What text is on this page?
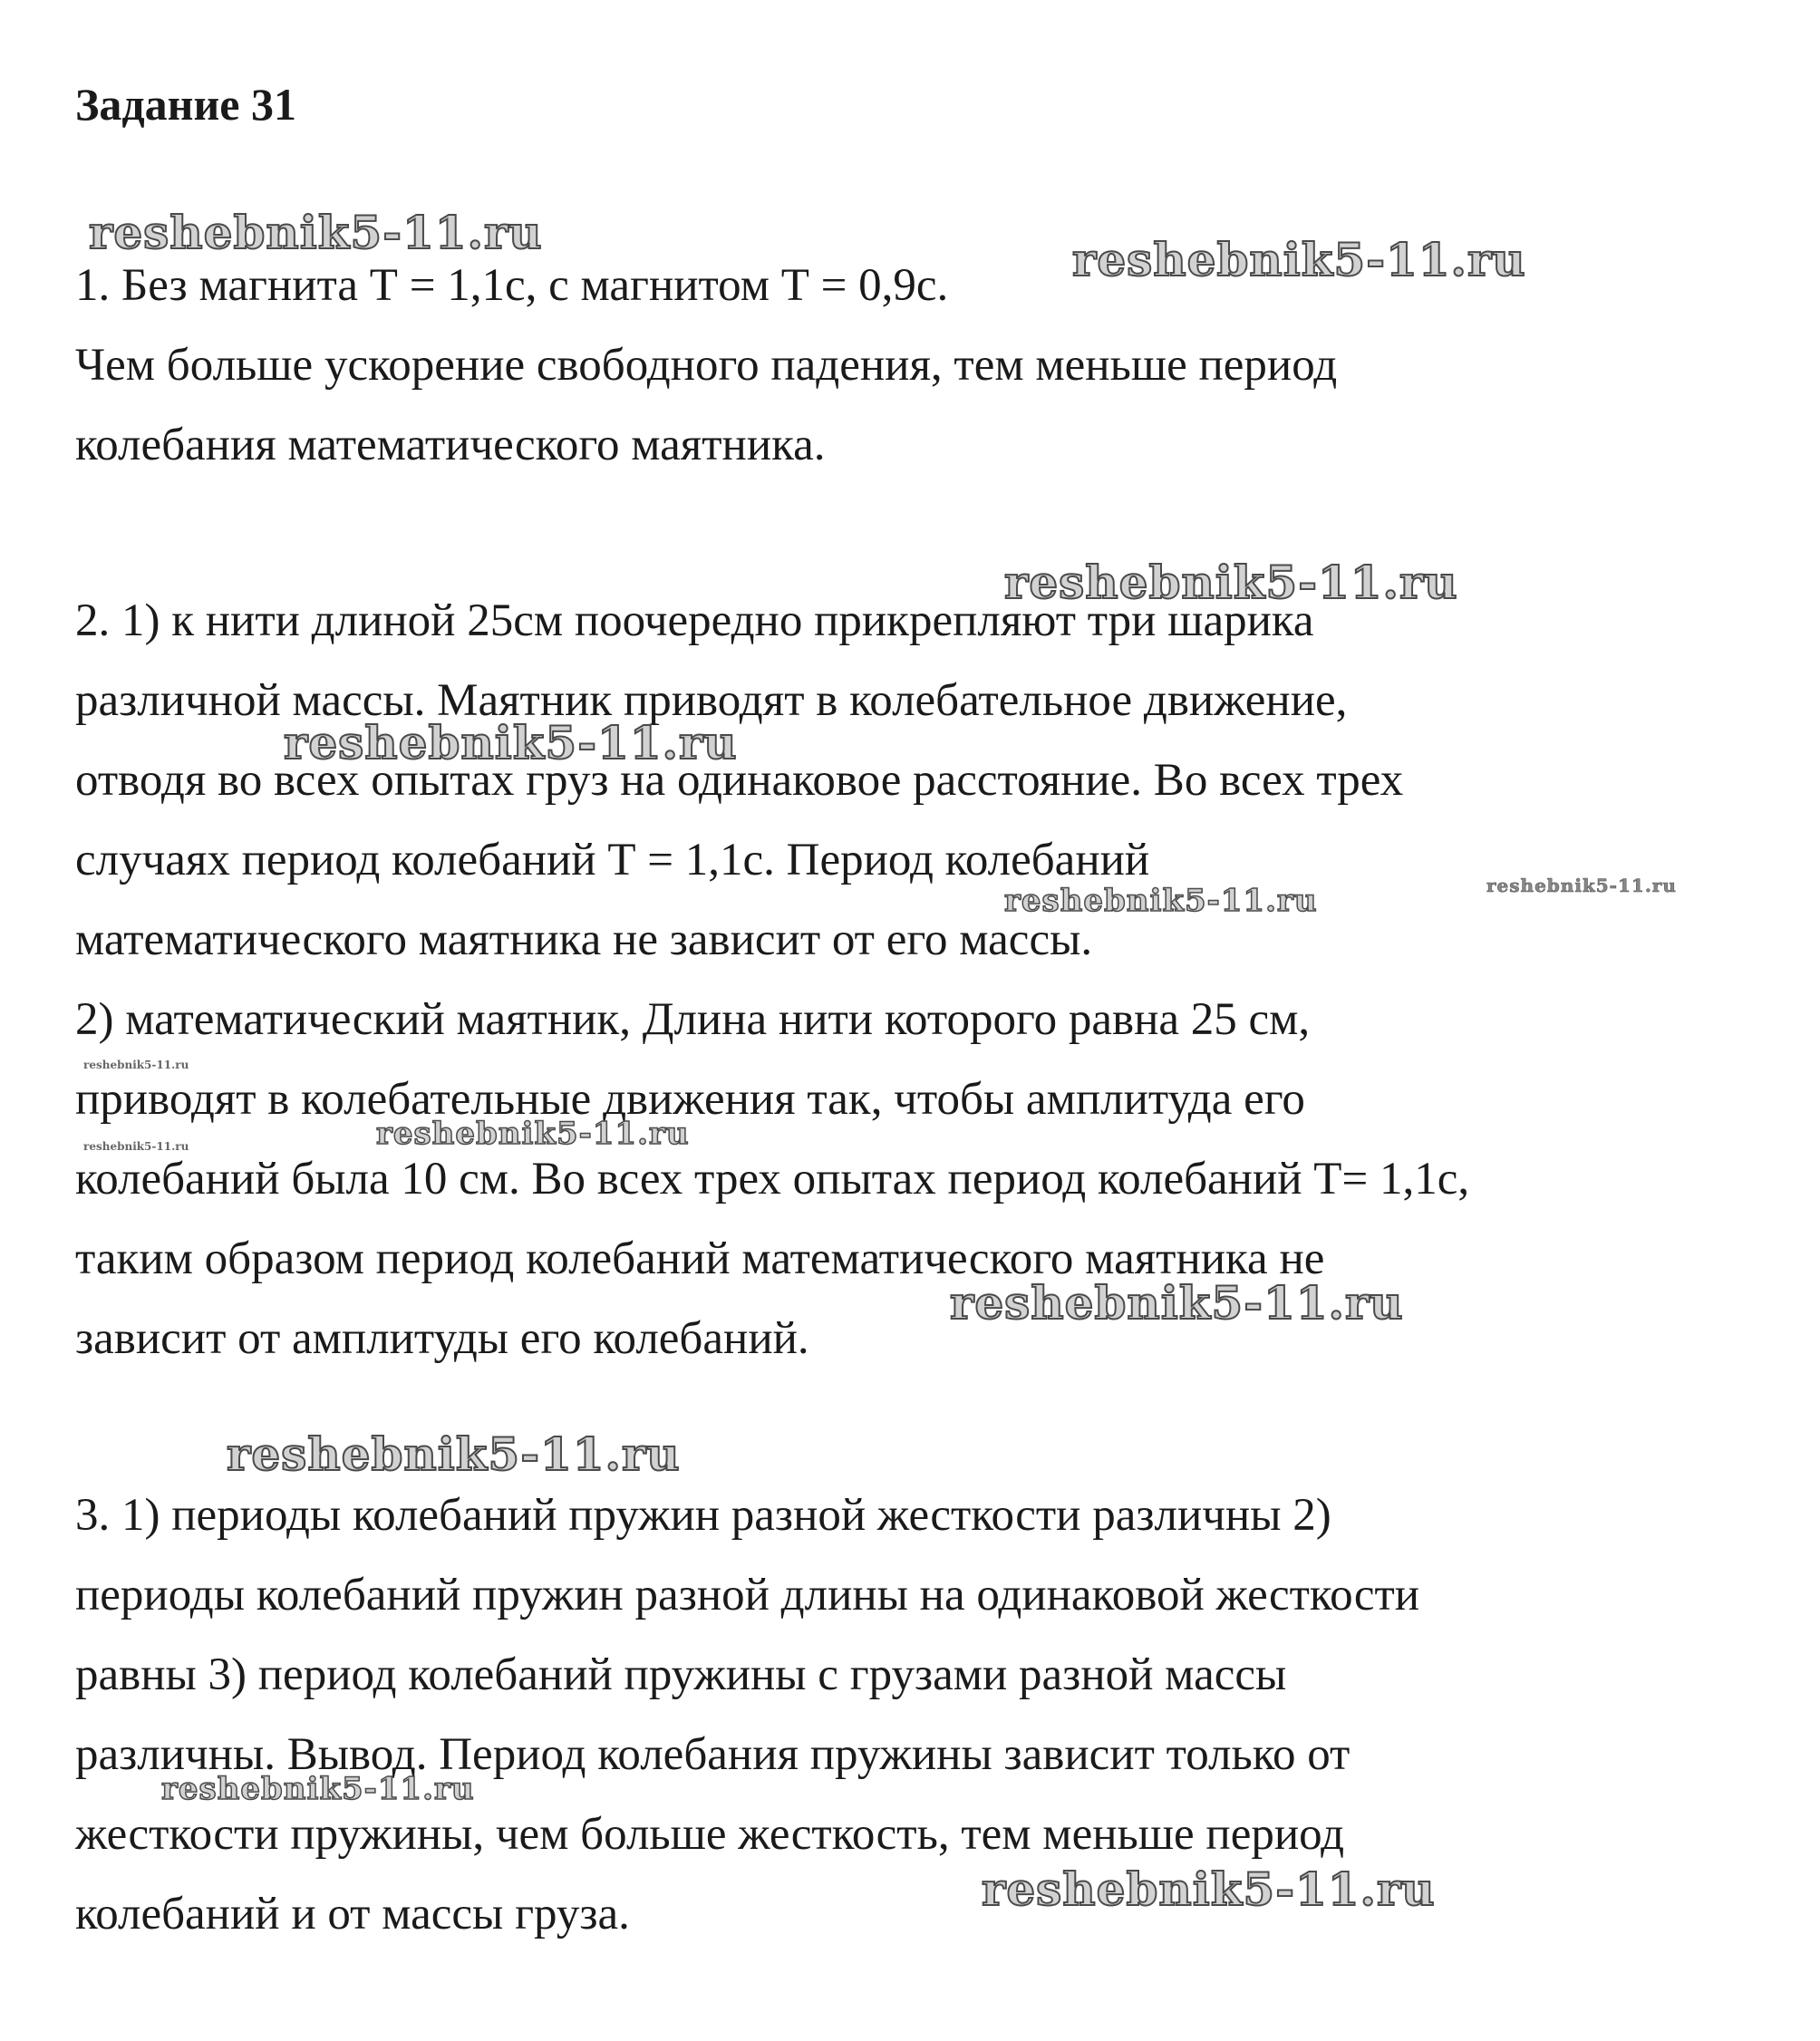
Задание 31
1. Без магнита Т = 1,1с, с магнитом Т = 0,9с.
Чем больше ускорение свободного падения, тем меньше период
колебания математического маятника.
2. 1) к нити длиной 25см поочередно прикрепляют три шарика
различной массы. Маятник приводят в колебательное движение,
отводя во всех опытах груз на одинаковое расстояние. Во всех трех
случаях период колебаний Т = 1,1с. Период колебаний
математического маятника не зависит от его массы.
2) математический маятник, Длина нити которого равна 25 см,
приводят в колебательные движения так, чтобы амплитуда его
колебаний была 10 см. Во всех трех опытах период колебаний Т= 1,1с,
таким образом период колебаний математического маятника не
зависит от амплитуды его колебаний.
3. 1) периоды колебаний пружин разной жесткости различны 2)
периоды колебаний пружин разной длины на одинаковой жесткости
равны 3) период колебаний пружины с грузами разной массы
различны. Вывод. Период колебания пружины зависит только от
жесткости пружины, чем больше жесткость, тем меньше период
колебаний и от массы груза.
reshebnik5-11.ru
reshebnik5-11.ru
reshebnik5-11.ru
reshebnik5-11.ru
reshebnik5-11.ru	reshebnik5-11.ru
reshebnik5-11.ru
reshebnik5-11.ru
reshebnik5-11.ru
reshebnik5-11.ru
reshebnik5-11.ru
reshebnik5-11.ru
reshebnik5-11.ru
